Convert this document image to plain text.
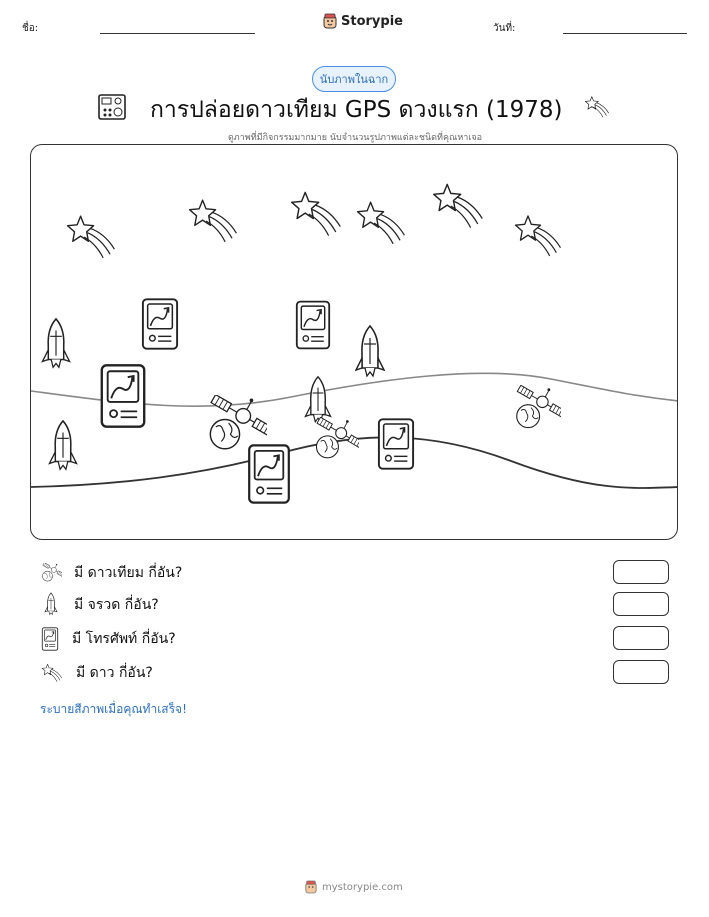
ชื่อ:	Storypie	วันที่:
นับภาพในฉาก
การปล่อยดาวเทียม GPS ดวงแรก (1978)
ดูภาพที่มีกิจกรรมมากมาย นับจำนวนรูปภาพแต่ละชนิดที่คุณหาเจอ
มี ดาวเทียม กี่อัน?
มี จรวด กี่อัน?
มี โทรศัพท์ กี่อัน?
มี ดาว กี่อัน?
ระบายสีภาพเมื่อคุณทำเสร็จ!
mystorypie.com
